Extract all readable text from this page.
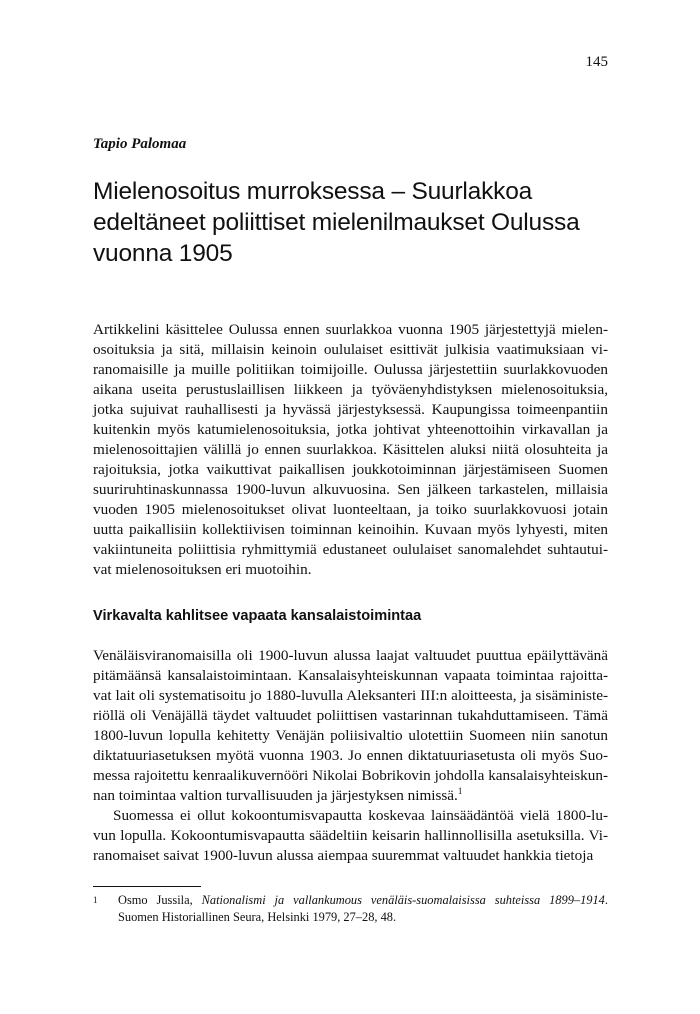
145
Tapio Palomaa
Mielenosoitus murroksessa – Suurlakkoa edeltäneet poliittiset mielenilmaukset Oulussa vuonna 1905

Artikkelini käsittelee Oulussa ennen suurlakkoa vuonna 1905 järjestettyjä mielenosoituksia ja sitä, millaisin keinoin oululaiset esittivät julkisia vaatimuksiaan viranomaisille ja muille politiikan toimijoille. Oulussa järjestettiin suurlakkovuoden aikana useita perustuslaillisen liikkeen ja työväenyhdistyksen mielenosoituksia, jotka sujuivat rauhallisesti ja hyvässä järjestyksessä. Kaupungissa toimeenpantiin kuitenkin myös katumielenosoituksia, jotka johtivat yhteenottoihin virkavallan ja mielenosoittajien välillä jo ennen suurlakkoa. Käsittelen aluksi niitä olosuhteita ja rajoituksia, jotka vaikuttivat paikallisen joukkotoiminnan järjestämiseen Suomen suuriruhtinaskunnassa 1900-luvun alkuvuosina. Sen jälkeen tarkastelen, millaisia vuoden 1905 mielenosoitukset olivat luonteeltaan, ja toiko suurlakkovuosi jotain uutta paikallisiin kollektiivisen toiminnan keinoihin. Kuvaan myös lyhyesti, miten vakiintuneita poliittisia ryhmittymiä edustaneet oululaiset sanomalehdet suhtautuivat mielenosoituksen eri muotoihin.

Virkavalta kahlitsee vapaata kansalaistoimintaa

Venäläisviranomaisilla oli 1900-luvun alussa laajat valtuudet puuttua epäilyttävänä pitämäänsä kansalaistoimintaan. Kansalaisyhteiskunnan vapaata toimintaa rajoittavat lait oli systematisoitu jo 1880-luvulla Aleksanteri III:n aloitteesta, ja sisäministeriöllä oli Venäjällä täydet valtuudet poliittisen vastarinnan tukahduttamiseen. Tämä 1800-luvun lopulla kehitetty Venäjän poliisivaltio ulotettiin Suomeen niin sanotun diktatuuriasetuksen myötä vuonna 1903. Jo ennen diktatuuriasetusta oli myös Suomessa rajoitettu kenraalikuvernööri Nikolai Bobrikovin johdolla kansalaisyhteiskunnan toimintaa valtion turvallisuuden ja järjestyksen nimissä.$^1$

Suomessa ei ollut kokoontumisvapautta koskevaa lainsäädäntöä vielä 1800-luvun lopulla. Kokoontumisvapautta säädeltiin keisarin hallinnollisilla asetuksilla. Viranomaiset saivat 1900-luvun alussa aiempaa suuremmat valtuudet hankkia tietoja

1	Osmo Jussila, Nationalismi ja vallankumous venäläis-suomalaisissa suhteissa 1899–1914. Suomen Historiallinen Seura, Helsinki 1979, 27–28, 48.
